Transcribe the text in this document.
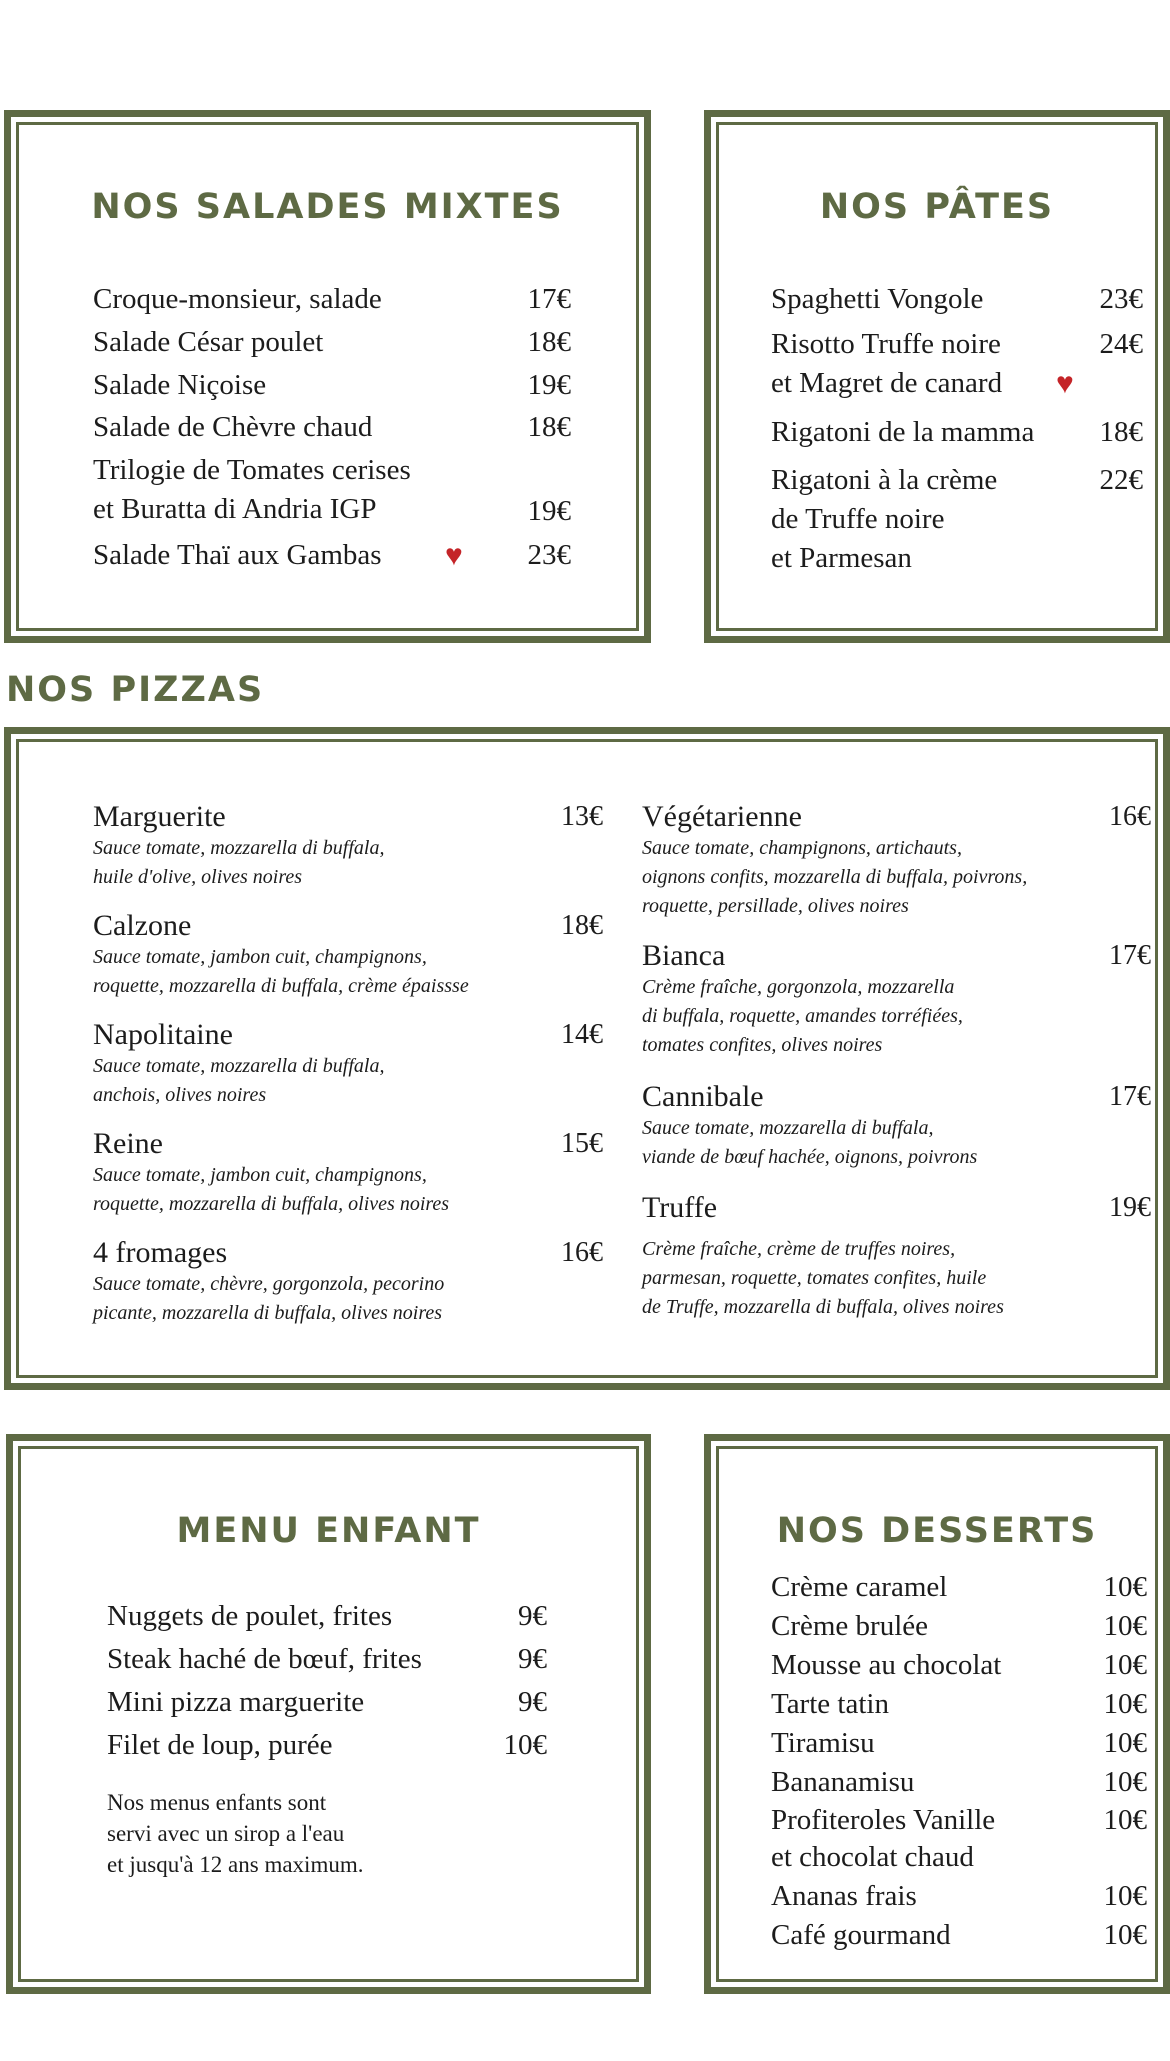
NOS SALADES MIXTES
Croque-monsieur, salade	17€
Salade César poulet	18€
Salade Niçoise	19€
Salade de Chèvre chaud	18€
Trilogie de Tomates cerises
et Buratta di Andria IGP	19€
Salade Thaï aux Gambas ♥ 23€
NOS PÂTES
Spaghetti Vongole	23€
Risotto Truffe noire
et Magret de canard ♥
24€
Rigatoni de la mamma 18€
Rigatoni à la crème
de Truffe noire
et Parmesan
22€
NOS PIZZAS
Marguerite	13€
Sauce tomate, mozzarella di buffala,
huile d'olive, olives noires
Calzone	18€
Sauce tomate, jambon cuit, champignons,
roquette, mozzarella di buffala, crème épaissse
Napolitaine	14€
Sauce tomate, mozzarella di buffala,
anchois, olives noires
Reine	15€
Sauce tomate, jambon cuit, champignons,
roquette, mozzarella di buffala, olives noires
4 fromages	16€
Sauce tomate, chèvre, gorgonzola, pecorino
picante, mozzarella di buffala, olives noires
Végétarienne	16€
Sauce tomate, champignons, artichauts,
oignons confits, mozzarella di buffala, poivrons,
roquette, persillade, olives noires
Bianca	17€
Crème fraîche, gorgonzola, mozzarella
di buffala, roquette, amandes torréfiées,
tomates confites, olives noires
Cannibale	17€
Sauce tomate, mozzarella di buffala,
viande de bœuf hachée, oignons, poivrons
Truffe	19€
Crème fraîche, crème de truffes noires,
parmesan, roquette, tomates confites, huile
de Truffe, mozzarella di buffala, olives noires
MENU ENFANT
Nuggets de poulet, frites	9€
Steak haché de bœuf, frites	9€
Mini pizza marguerite	9€
Filet de loup, purée	10€
Nos menus enfants sont
servi avec un sirop a l'eau
et jusqu'à 12 ans maximum.
NOS DESSERTS
Crème caramel	10€
Crème brulée	10€
Mousse au chocolat	10€
Tarte tatin	10€
Tiramisu	10€
Bananamisu	10€
Profiteroles Vanille
et chocolat chaud
10€
Ananas frais	10€
Café gourmand	10€
